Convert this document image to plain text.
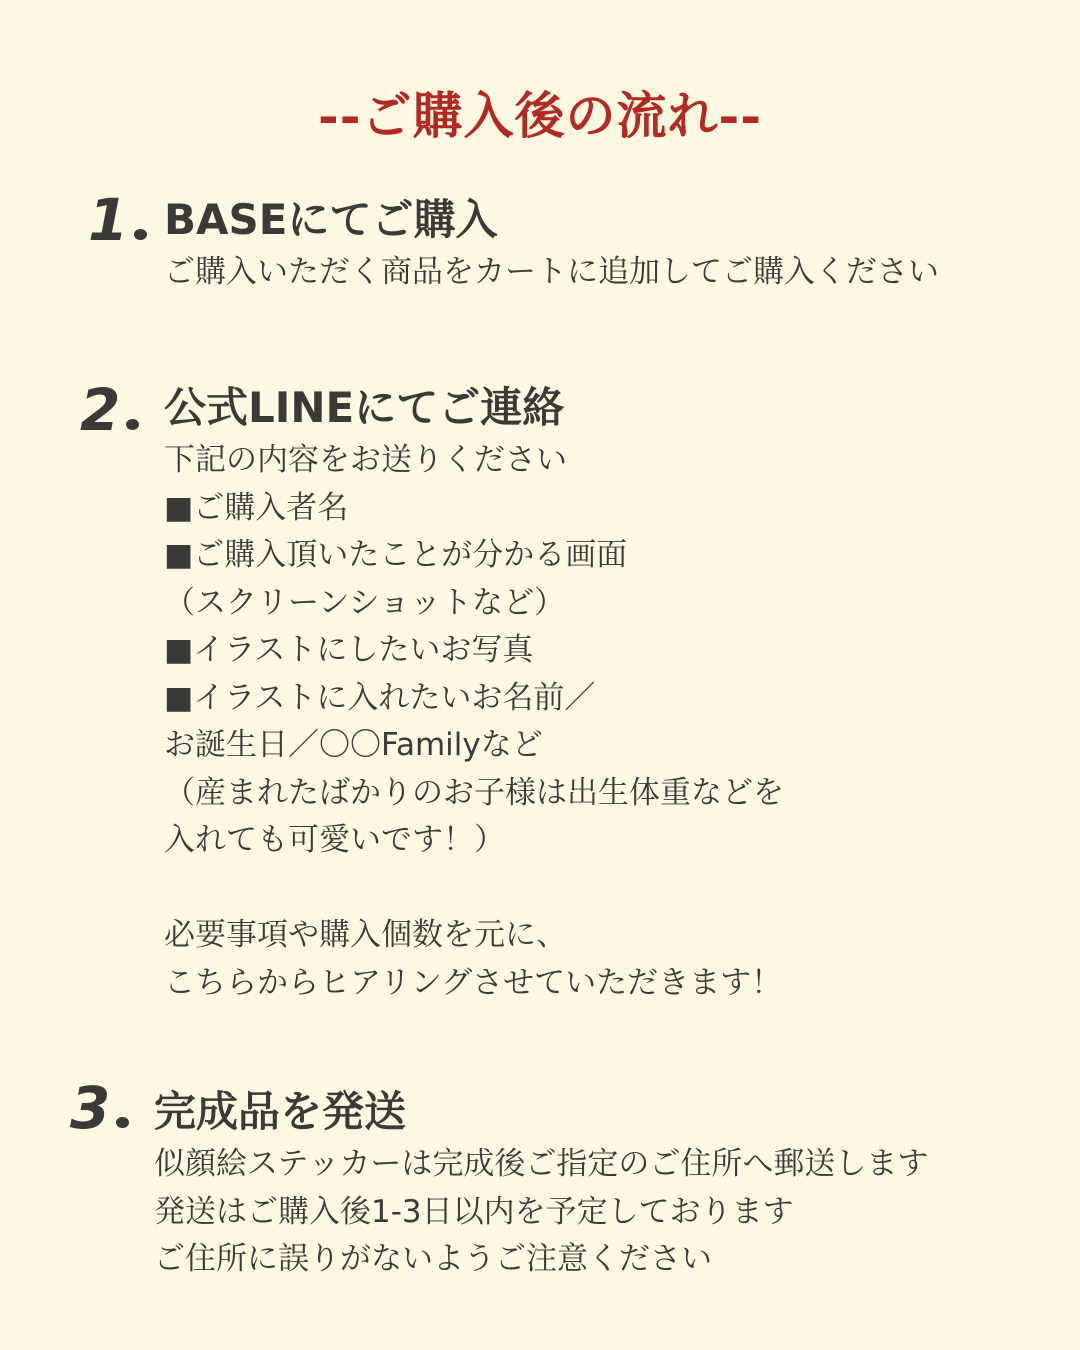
--ご購入後の流れ--
1 BASEにてご購入
ご購入いただく商品をカートに追加してご購入ください
2	公式LINEにてご連絡
下記の内容をお送りください
■ご購入者名
■ご購入頂いたことが分かる画面
（スクリーンショットなど）
■イラストにしたいお写真
■イラストに入れたいお名前／
お誕生日／〇〇Familyなど
（産まれたばかりのお子様は出生体重などを
入れても可愛いです！）
必要事項や購入個数を元に、
こちらからヒアリングさせていただきます！
3	完成品を発送
似顔絵ステッカーは完成後ご指定のご住所へ郵送します
発送はご購入後1-3日以内を予定しております
ご住所に誤りがないようご注意ください
